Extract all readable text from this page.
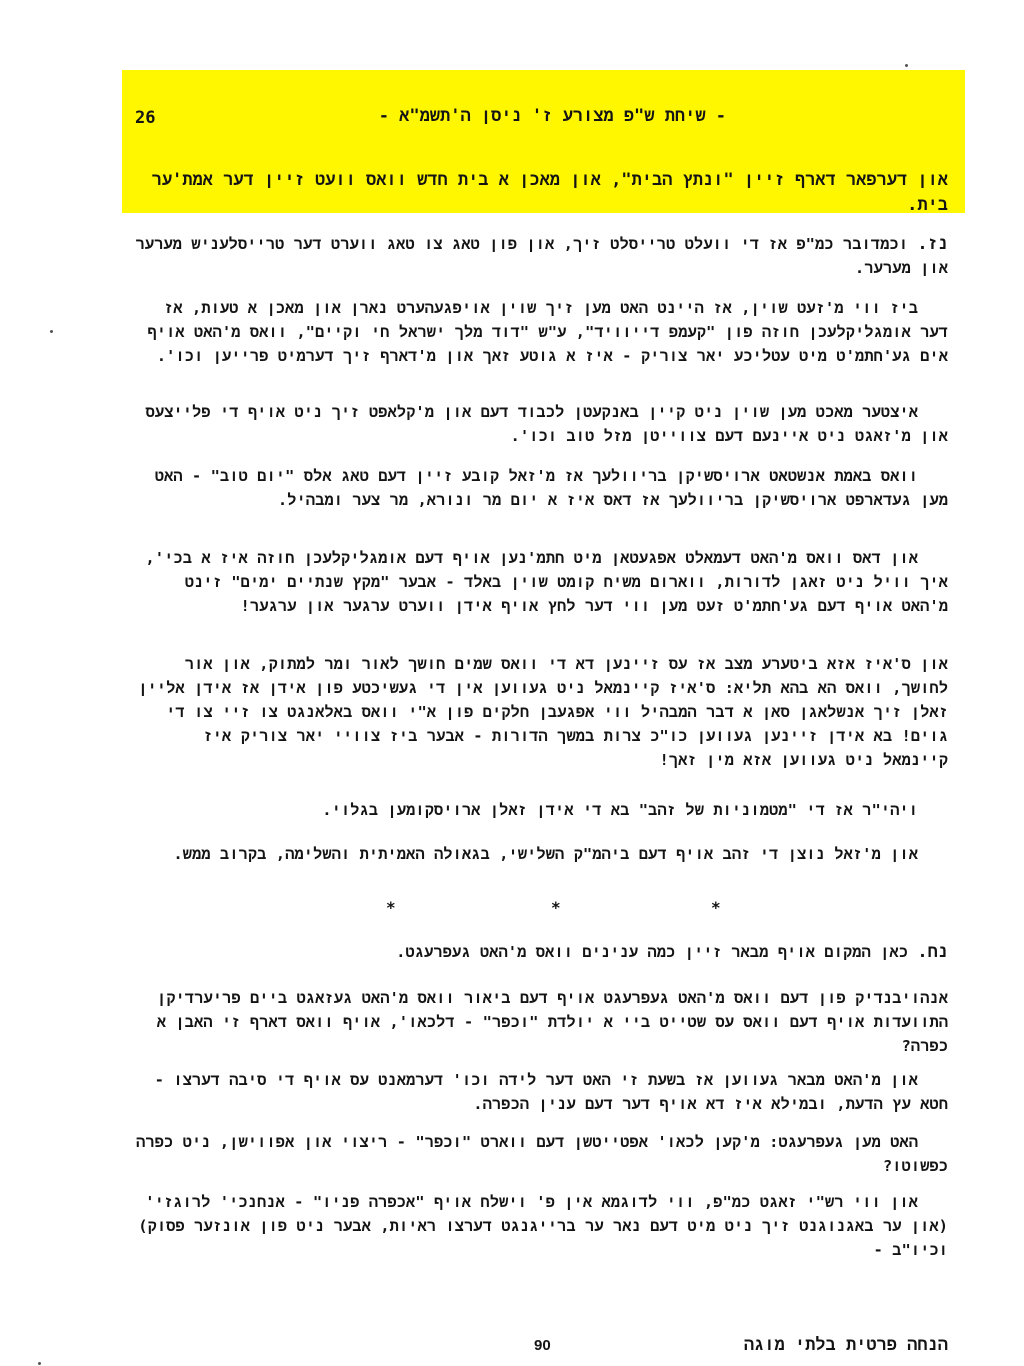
26	- שיחת ש"פ מצורע ז' ניסן ה'תשמ"א -
און דערפאר דארף זיין "ונתץ הבית", און מאכן א בית חדש וואס וועט זיין דער אמת'ער בית.

נז. וכמדובר כמ"פ אז די וועלט טרייסלט זיך, און פון טאג צו טאג ווערט דער טרייסלעניש מערער און מערער.

ביז ווי מ'זעט שוין, אז היינט האט מען זיך שוין אויפגעהערט נארן און מאכן א טעות, אז דער אומגליקלעכן חוזה פון "קעמפ דייוויד", ע"ש "דוד מלך ישראל חי וקיים", וואס מ'האט אויף אים גע'חתמ'ט מיט עטליכע יאר צוריק - איז א גוטע זאך און מ'דארף זיך דערמיט פרייען וכו'.

איצטער מאכט מען שוין ניט קיין באנקעטן לכבוד דעם און מ'קלאפט זיך ניט אויף די פלייצעס און מ'זאגט ניט איינעם דעם צווייטן מזל טוב וכו'.

וואס באמת אנשטאט ארויסשיקן בריוולעך אז מ'זאל קובע זיין דעם טאג אלס "יום טוב" - האט מען געדארפט ארויסשיקן בריוולעך אז דאס איז א יום מר ונורא, מר צער ומבהיל.

און דאס וואס מ'האט דעמאלט אפגעטאן מיט חתמ'נען אויף דעם אומגליקלעכן חוזה איז א בכי', איך וויל ניט זאגן לדורות, ווארום משיח קומט שוין באלד - אבער "מקץ שנתיים ימים" זינט מ'האט אויף דעם גע'חתמ'ט זעט מען ווי דער לחץ אויף אידן ווערט ערגער און ערגער!

און ס'איז אזא ביטערע מצב אז עס זיינען דא די וואס שמים חושך לאור ומר למתוק, און אור לחושך, וואס הא בהא תליא: ס'איז קיינמאל ניט געווען אין די געשיכטע פון אידן אז אידן אליין זאלן זיך אנשלאגן סאן א דבר המבהיל ווי אפגעבן חלקים פון א"י וואס באלאנגט צו זיי צו די גוים! בא אידן זיינען געווען כו"כ צרות במשך הדורות - אבער ביז צוויי יאר צוריק איז קיינמאל ניט געווען אזא מין זאך!

ויהי"ר אז די "מטמוניות של זהב" בא די אידן זאלן ארויסקומען בגלוי.

און מ'זאל נוצן די זהב אויף דעם ביהמ"ק השלישי, בגאולה האמיתית והשלימה, בקרוב ממש.

*	*	*

נח. כאן המקום אויף מבאר זיין כמה ענינים וואס מ'האט געפרעגט.

אנהויבנדיק פון דעם וואס מ'האט געפרעגט אויף דעם ביאור וואס מ'האט געזאגט ביים פריערדיקן התוועדות אויף דעם וואס עס שטייט ביי א יולדת "וכפר" - דלכאו', אויף וואס דארף זי האבן א כפרה?

און מ'האט מבאר געווען אז בשעת זי האט דער לידה וכו' דערמאנט עס אויף די סיבה דערצו - חטא עץ הדעת, ובמילא איז דא אויף דער דעם ענין הכפרה.

האט מען געפרעגט: מ'קען לכאו' אפטייטשן דעם ווארט "וכפר" - ריצוי און אפווישן, ניט כפרה כפשוטו?

און ווי רש"י זאגט כמ"פ, ווי לדוגמא אין פ' וישלח אויף "אכפרה פניו" - אנחנכי' לרוגזי' (און ער באגנוגנט זיך ניט מיט דעם נאר ער ברייגנגט דערצו ראיות, אבער ניט פון אונזער פסוק) וכיו"ב -

90	הנחה פרטית בלתי מוגה
